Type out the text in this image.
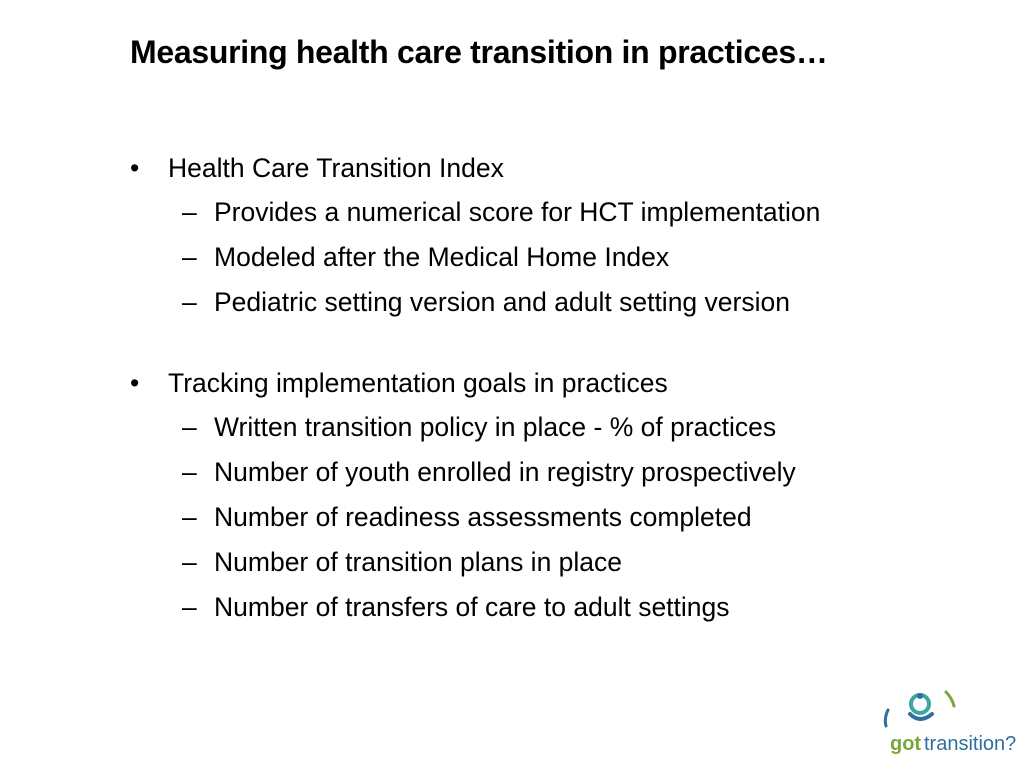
Measuring health care transition in practices…
•	Health Care Transition Index
– Provides a numerical score for HCT implementation
– Modeled after the Medical Home Index
– Pediatric setting version and adult setting version
•	Tracking implementation goals in practices
– Written transition policy in place - % of practices
– Number of youth enrolled in registry prospectively
– Number of readiness assessments completed
– Number of transition plans in place
– Number of transfers of care to adult settings
got transition?
